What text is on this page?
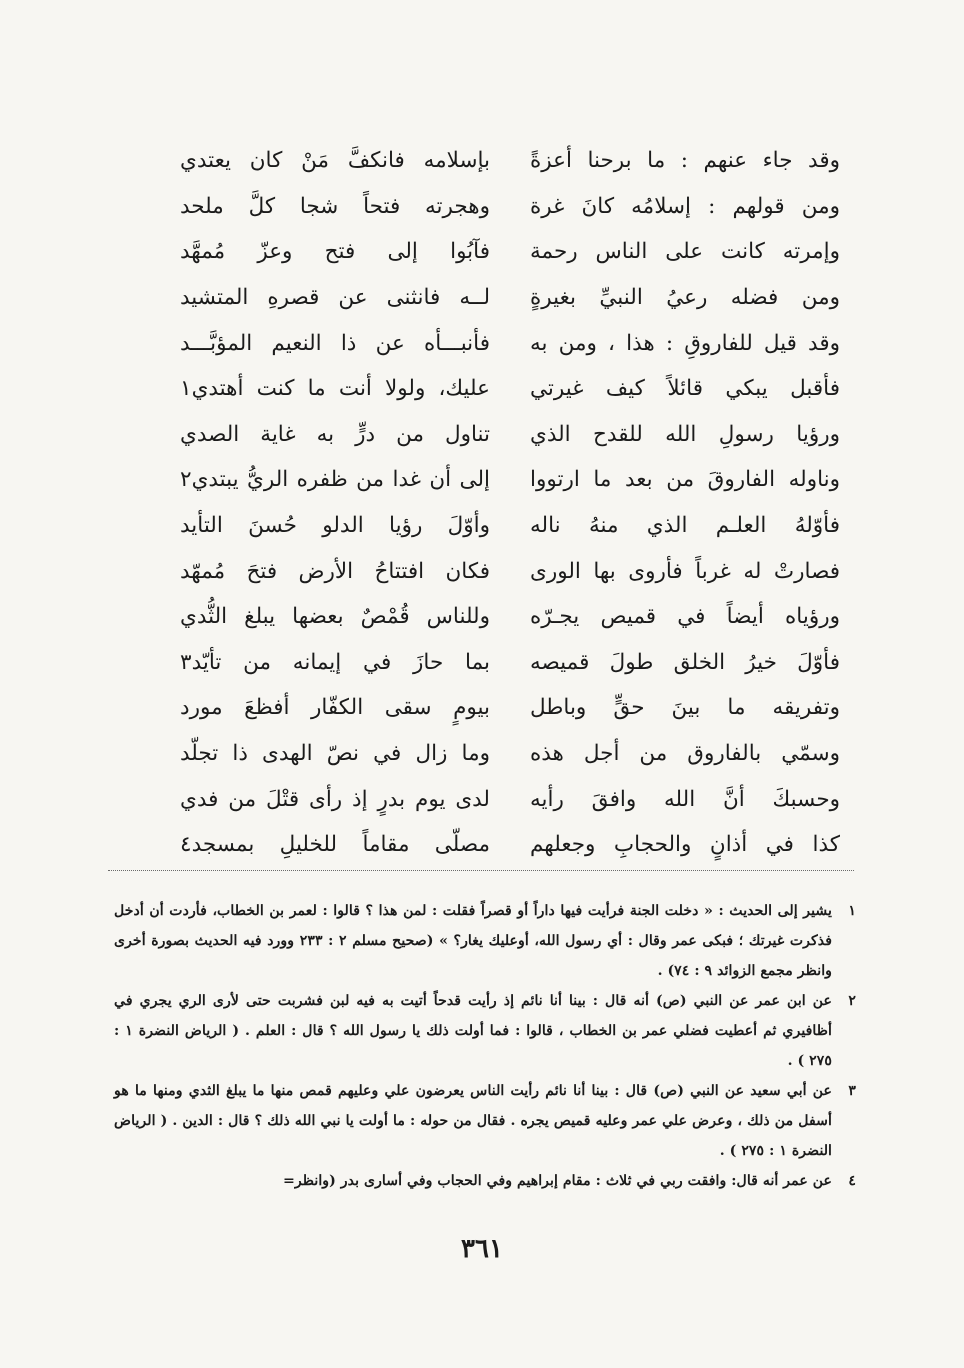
وقد جاء عنهم : ما برحنا أعزةً
بإسلامه فانكفَّ مَنْ كان يعتدي
ومن قولهم : إسلامُه كانَ غرة
وهجرته فتحاً شجا كلَّ ملحد
وإمرته كانت على الناس رحمة
فآبُوا إلى فتح وعزّ مُمهَّد
ومن فضله رعيُ النبيِّ بغيرةٍ
لــه فانثنى عن قصرهِ المتشيد
وقد قيل للفاروقِ : هذا ، ومن به
فأنبـــأه عن ذا النعيم المؤبَّـــد
فأقبل يبكي قائلاً كيف غيرتي
عليك، ولولا أنت ما كنت أهتدي١
ورؤيا رسولِ الله للقدح الذي
تناول من درٍّ به غاية الصدي
وناوله الفاروقَ من بعد ما ارتووا
إلى أن غدا من ظفره الريُّ يبتدي٢
فأوّلهُ العلـم الذي منهُ ناله
وأوّلَ رؤيا الدلو حُسنَ التأيد
فصارتْ له غرباً فأروى بها الورى
فكان افتتاحُ الأرض فتحَ مُمهّد
ورؤياه أيضاً في قميص يجـرّه
وللناس قُمْصٌ بعضها يبلغ الثُّدي
فأوّلَ خيرُ الخلق طولَ قميصه
بما حازَ في إيمانه من تأيّد٣
وتفريقه ما بينَ حقٍّ وباطل
بيومٍ سقى الكفّار أفظعَ مورد
وسمّي بالفاروق من أجل هذه
وما زال في نصّ الهدى ذا تجلّد
وحسبكَ أنَّ الله وافقَ رأيه
لدى يوم بدرٍ إذ رأى قتْلَ من فدي
كذا في أذانٍ والحجابِ وجعلهم
مصلّى مقاماً للخليلِ بمسجد٤
١
يشير إلى الحديث : « دخلت الجنة فرأيت فيها داراً أو قصراً فقلت : لمن هذا ؟ قالوا : لعمر بن الخطاب، فأردت أن أدخل فذكرت غيرتك ؛ فبكى عمر وقال : أي رسول الله، أوعليك يغار؟ » (صحيح مسلم ٢ : ٢٣٣ وورد فيه الحديث بصورة أخرى وانظر مجمع الزوائد ٩ : ٧٤) .
٢
عن ابن عمر عن النبي (ص) أنه قال : بينا أنا نائم إذ رأيت قدحاً أتيت به فيه لبن فشربت حتى لأرى الري يجري في أظافيري ثم أعطيت فضلي عمر بن الخطاب ، قالوا : فما أولت ذلك يا رسول الله ؟ قال : العلم . ( الرياض النضرة ١ : ٢٧٥ ) .
٣
عن أبي سعيد عن النبي (ص) قال : بينا أنا نائم رأيت الناس يعرضون علي وعليهم قمص منها ما يبلغ الثدي ومنها ما هو أسفل من ذلك ، وعرض علي عمر وعليه قميص يجره . فقال من حوله : ما أولت يا نبي الله ذلك ؟ قال : الدين . ( الرياض النضرة ١ : ٢٧٥ ) .
٤
عن عمر أنه قال: وافقت ربي في ثلاث : مقام إبراهيم وفي الحجاب وفي أسارى بدر (وانظر=
٣٦١
